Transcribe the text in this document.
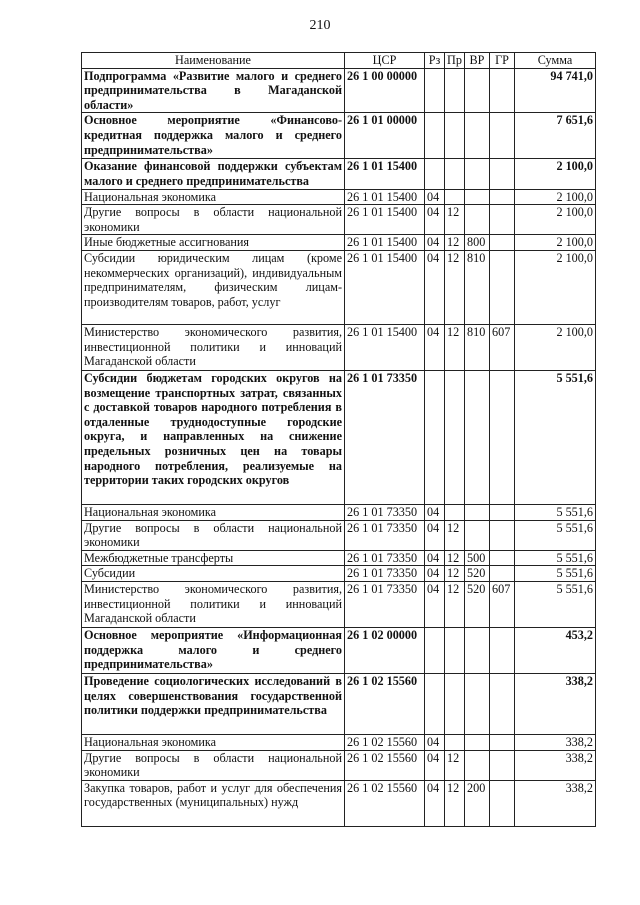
210
Наименование	ЦСР	Рз	Пр	ВР	ГР	Сумма
Подпрограмма «Развитие малого и среднего предпринимательства в Магаданской области»	26 1 00 00000					94 741,0
Основное мероприятие «Финансово-кредитная поддержка малого и среднего предпринимательства»	26 1 01 00000					7 651,6
Оказание финансовой поддержки субъектам малого и среднего предпринимательства	26 1 01 15400					2 100,0
Национальная экономика	26 1 01 15400	04				2 100,0
Другие вопросы в области национальной экономики	26 1 01 15400	04	12			2 100,0
Иные бюджетные ассигнования	26 1 01 15400	04	12	800		2 100,0
Субсидии юридическим лицам (кроме некоммерческих организаций), индивидуальным предпринимателям, физическим лицам-производителям товаров, работ, услуг	26 1 01 15400	04	12	810		2 100,0
Министерство экономического развития, инвестиционной политики и инноваций Магаданской области	26 1 01 15400	04	12	810	607	2 100,0
Субсидии бюджетам городских округов на возмещение транспортных затрат, связанных с доставкой товаров народного потребления в отдаленные труднодоступные городские округа, и направленных на снижение предельных розничных цен на товары народного потребления, реализуемые на территории таких городских округов	26 1 01 73350					5 551,6
Национальная экономика	26 1 01 73350	04				5 551,6
Другие вопросы в области национальной экономики	26 1 01 73350	04	12			5 551,6
Межбюджетные трансферты	26 1 01 73350	04	12	500		5 551,6
Субсидии	26 1 01 73350	04	12	520		5 551,6
Министерство экономического развития, инвестиционной политики и инноваций Магаданской области	26 1 01 73350	04	12	520	607	5 551,6
Основное мероприятие «Информационная поддержка малого и среднего предпринимательства»	26 1 02 00000					453,2
Проведение социологических исследований в целях совершенствования государственной политики поддержки предпринимательства	26 1 02 15560					338,2
Национальная экономика	26 1 02 15560	04				338,2
Другие вопросы в области национальной экономики	26 1 02 15560	04	12			338,2
Закупка товаров, работ и услуг для обеспечения государственных (муниципальных) нужд	26 1 02 15560	04	12	200		338,2
